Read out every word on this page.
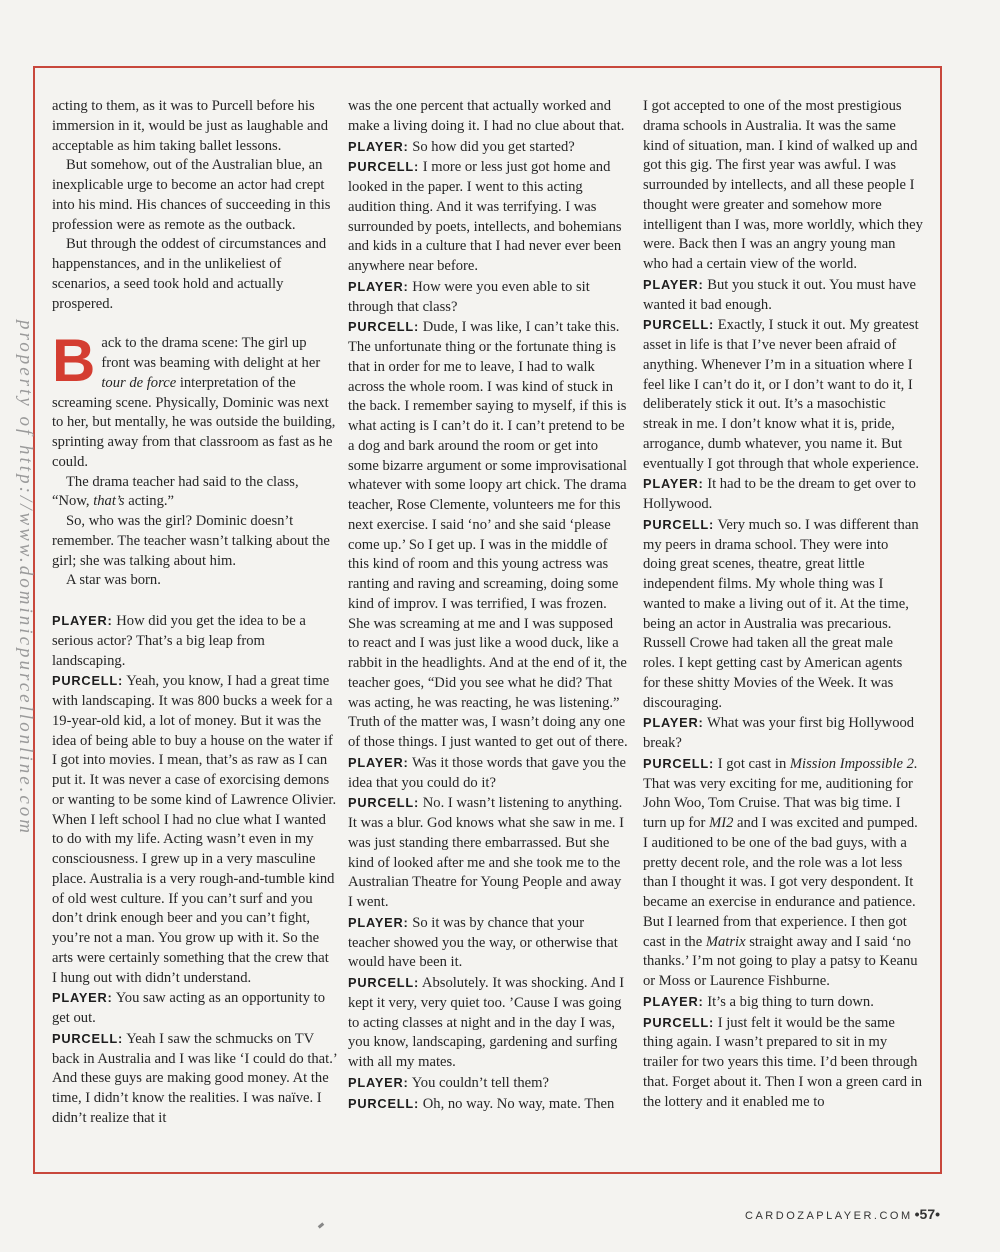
property of http://www.dominicpurcellonline.com

acting to them, as it was to Purcell before his immersion in it, would be just as laughable and acceptable as him taking ballet lessons.

But somehow, out of the Australian blue, an inexplicable urge to become an actor had crept into his mind. His chances of succeeding in this profession were as remote as the outback.

But through the oddest of circumstances and happenstances, and in the unlikeliest of scenarios, a seed took hold and actually prospered.

Back to the drama scene: The girl up front was beaming with delight at her tour de force interpretation of the screaming scene. Physically, Dominic was next to her, but mentally, he was outside the building, sprinting away from that classroom as fast as he could.

The drama teacher had said to the class, “Now, that’s acting.”

So, who was the girl? Dominic doesn’t remember. The teacher wasn’t talking about the girl; she was talking about him.

A star was born.

PLAYER: How did you get the idea to be a serious actor? That’s a big leap from landscaping.

PURCELL: Yeah, you know, I had a great time with landscaping. It was 800 bucks a week for a 19-year-old kid, a lot of money. But it was the idea of being able to buy a house on the water if I got into movies. I mean, that’s as raw as I can put it. It was never a case of exorcising demons or wanting to be some kind of Lawrence Olivier. When I left school I had no clue what I wanted to do with my life. Acting wasn’t even in my consciousness. I grew up in a very masculine place. Australia is a very rough-and-tumble kind of old west culture. If you can’t surf and you don’t drink enough beer and you can’t fight, you’re not a man. You grow up with it. So the arts were certainly something that the crew that I hung out with didn’t understand.

PLAYER: You saw acting as an opportunity to get out.

PURCELL: Yeah I saw the schmucks on TV back in Australia and I was like ‘I could do that.’ And these guys are making good money. At the time, I didn’t know the realities. I was naïve. I didn’t realize that it

was the one percent that actually worked and make a living doing it. I had no clue about that.

PLAYER: So how did you get started?

PURCELL: I more or less just got home and looked in the paper. I went to this acting audition thing. And it was terrifying. I was surrounded by poets, intellects, and bohemians and kids in a culture that I had never ever been anywhere near before.

PLAYER: How were you even able to sit through that class?

PURCELL: Dude, I was like, I can’t take this. The unfortunate thing or the fortunate thing is that in order for me to leave, I had to walk across the whole room. I was kind of stuck in the back. I remember saying to myself, if this is what acting is I can’t do it. I can’t pretend to be a dog and bark around the room or get into some bizarre argument or some improvisational whatever with some loopy art chick. The drama teacher, Rose Clemente, volunteers me for this next exercise. I said ‘no’ and she said ‘please come up.’ So I get up. I was in the middle of this kind of room and this young actress was ranting and raving and screaming, doing some kind of improv. I was terrified, I was frozen. She was screaming at me and I was supposed to react and I was just like a wood duck, like a rabbit in the headlights. And at the end of it, the teacher goes, “Did you see what he did? That was acting, he was reacting, he was listening.” Truth of the matter was, I wasn’t doing any one of those things. I just wanted to get out of there.

PLAYER: Was it those words that gave you the idea that you could do it?

PURCELL: No. I wasn’t listening to anything. It was a blur. God knows what she saw in me. I was just standing there embarrassed. But she kind of looked after me and she took me to the Australian Theatre for Young People and away I went.

PLAYER: So it was by chance that your teacher showed you the way, or otherwise that would have been it.

PURCELL: Absolutely. It was shocking. And I kept it very, very quiet too. ’Cause I was going to acting classes at night and in the day I was, you know, landscaping, gardening and surfing with all my mates.

PLAYER: You couldn’t tell them?

PURCELL: Oh, no way. No way, mate. Then

I got accepted to one of the most prestigious drama schools in Australia. It was the same kind of situation, man. I kind of walked up and got this gig. The first year was awful. I was surrounded by intellects, and all these people I thought were greater and somehow more intelligent than I was, more worldly, which they were. Back then I was an angry young man who had a certain view of the world.

PLAYER: But you stuck it out. You must have wanted it bad enough.

PURCELL: Exactly, I stuck it out. My greatest asset in life is that I’ve never been afraid of anything. Whenever I’m in a situation where I feel like I can’t do it, or I don’t want to do it, I deliberately stick it out. It’s a masochistic streak in me. I don’t know what it is, pride, arrogance, dumb whatever, you name it. But eventually I got through that whole experience.

PLAYER: It had to be the dream to get over to Hollywood.

PURCELL: Very much so. I was different than my peers in drama school. They were into doing great scenes, theatre, great little independent films. My whole thing was I wanted to make a living out of it. At the time, being an actor in Australia was precarious. Russell Crowe had taken all the great male roles. I kept getting cast by American agents for these shitty Movies of the Week. It was discouraging.

PLAYER: What was your first big Hollywood break?

PURCELL: I got cast in Mission Impossible 2. That was very exciting for me, auditioning for John Woo, Tom Cruise. That was big time. I turn up for MI2 and I was excited and pumped. I auditioned to be one of the bad guys, with a pretty decent role, and the role was a lot less than I thought it was. I got very despondent. It became an exercise in endurance and patience. But I learned from that experience. I then got cast in the Matrix straight away and I said ‘no thanks.’ I’m not going to play a patsy to Keanu or Moss or Laurence Fishburne.

PLAYER: It’s a big thing to turn down.

PURCELL: I just felt it would be the same thing again. I wasn’t prepared to sit in my trailer for two years this time. I’d been through that. Forget about it. Then I won a green card in the lottery and it enabled me to

CARDOZAPLAYER.COM •57•
